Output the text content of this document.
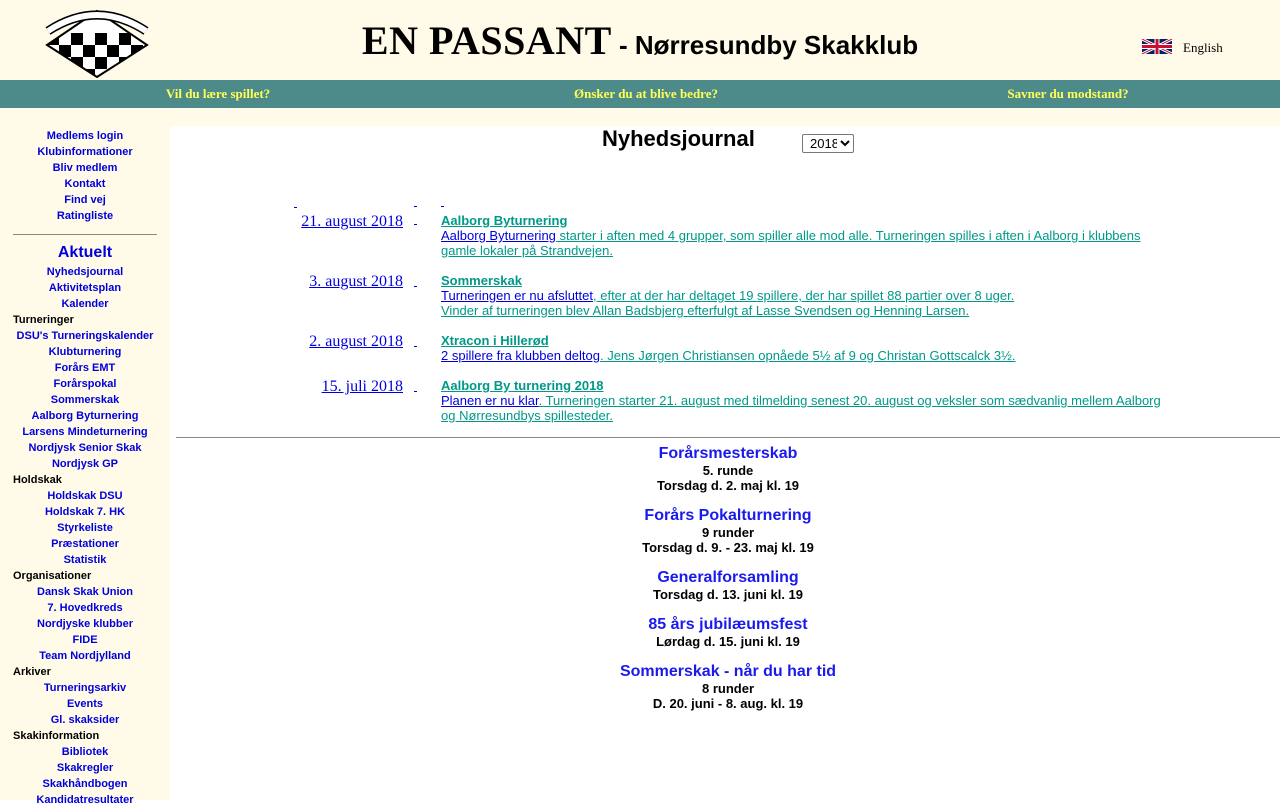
EN PASSANT - Nørresundby Skakklub	English
Vil du lære spillet?	Ønsker du at blive bedre?	Savner du modstand?
Medlems login
Klubinformationer
Bliv medlem
Kontakt
Find vej
Ratingliste
Aktuelt
Nyhedsjournal
Aktivitetsplan
Kalender
Turneringer
DSU's Turneringskalender
Klubturnering
Forårs EMT
Forårspokal
Sommerskak
Aalborg Byturnering
Larsens Mindeturnering
Nordjysk Senior Skak
Nordjysk GP
Holdskak
Holdskak DSU
Holdskak 7. HK
Styrkeliste
Præstationer
Statistik
Organisationer
Dansk Skak Union
7. Hovedkreds
Nordjyske klubber
FIDE
Team Nordjylland
Arkiver
Turneringsarkiv
Events
Gl. skaksider
Skakinformation
Bibliotek
Skakregler
Skakhåndbogen
Kandidatresultater
Nyhedsjournal
2018
21. august 2018	Aalborg Byturnering
Aalborg Byturnering starter i aften med 4 grupper, som spiller alle mod alle. Turneringen spilles i aften i Aalborg i klubbens gamle lokaler på Strandvejen.
3. august 2018	Sommerskak
Turneringen er nu afsluttet, efter at der har deltaget 19 spillere, der har spillet 88 partier over 8 uger.
Vinder af turneringen blev Allan Badsbjerg efterfulgt af Lasse Svendsen og Henning Larsen.
2. august 2018	Xtracon i Hillerød
2 spillere fra klubben deltog. Jens Jørgen Christiansen opnåede 5½ af 9 og Christan Gottscalck 3½.
15. juli 2018	Aalborg By turnering 2018
Planen er nu klar. Turneringen starter 21. august med tilmelding senest 20. august og veksler som sædvanlig mellem Aalborg og Nørresundbys spillesteder.
Forårsmesterskab
5. runde
Torsdag d. 2. maj kl. 19
Forårs Pokalturnering
9 runder
Torsdag d. 9. - 23. maj kl. 19
Generalforsamling
Torsdag d. 13. juni kl. 19
85 års jubilæumsfest
Lørdag d. 15. juni kl. 19
Sommerskak - når du har tid
8 runder
D. 20. juni - 8. aug. kl. 19
